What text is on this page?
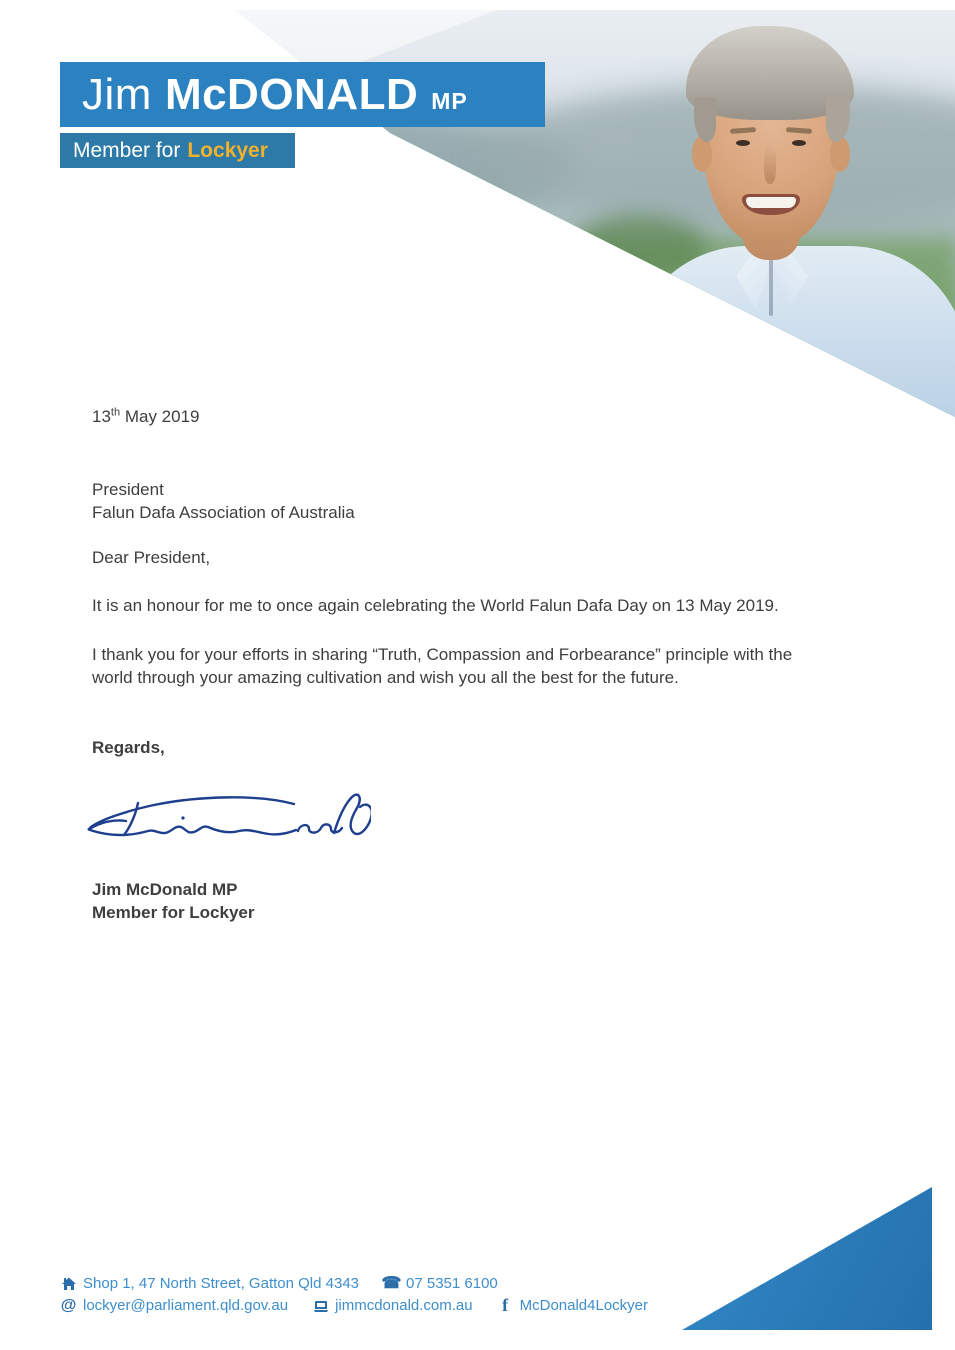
Jim McDONALD MP
Member for Lockyer
13th May 2019
President
Falun Dafa Association of Australia
Dear President,

It is an honour for me to once again celebrating the World Falun Dafa Day on 13 May 2019.

I thank you for your efforts in sharing “Truth, Compassion and Forbearance” principle with the world through your amazing cultivation and wish you all the best for the future.

Regards,
Jim McDonald MP
Member for Lockyer
Shop 1, 47 North Street, Gatton Qld 4343 ☎ 07 5351 6100
@ lockyer@parliament.qld.gov.au	jimmcdonald.com.au	f McDonald4Lockyer
